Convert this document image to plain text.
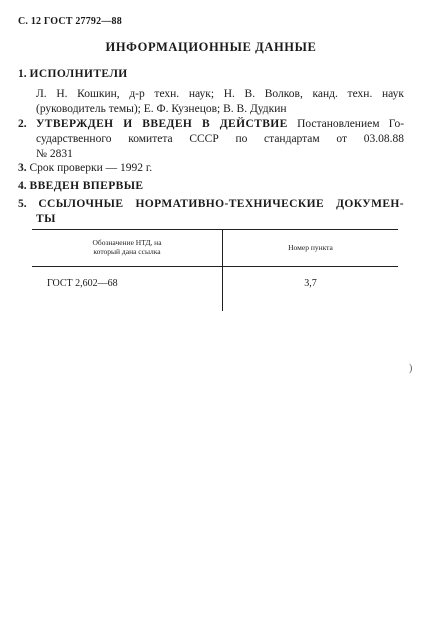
С. 12 ГОСТ 27792—88
ИНФОРМАЦИОННЫЕ ДАННЫЕ
1. ИСПОЛНИТЕЛИ
Л. Н. Кошкин, д-р техн. наук; Н. В. Волков, канд. техн. наук
(руководитель темы); Е. Ф. Кузнецов; В. В. Дудкин
2. УТВЕРЖДЕН И ВВЕДЕН В ДЕЙСТВИЕ Постановлением Го-
сударственного комитета СССР по стандартам от 03.08.88
№ 2831
3. Срок проверки — 1992 г.
4. ВВЕДЕН ВПЕРВЫЕ
5. ССЫЛОЧНЫЕ НОРМАТИВНО-ТЕХНИЧЕСКИЕ ДОКУМЕН-
ТЫ
Обозначение НТД, на
который дана ссылка	Номер пункта
ГОСТ 2,602—68	3,7
)
